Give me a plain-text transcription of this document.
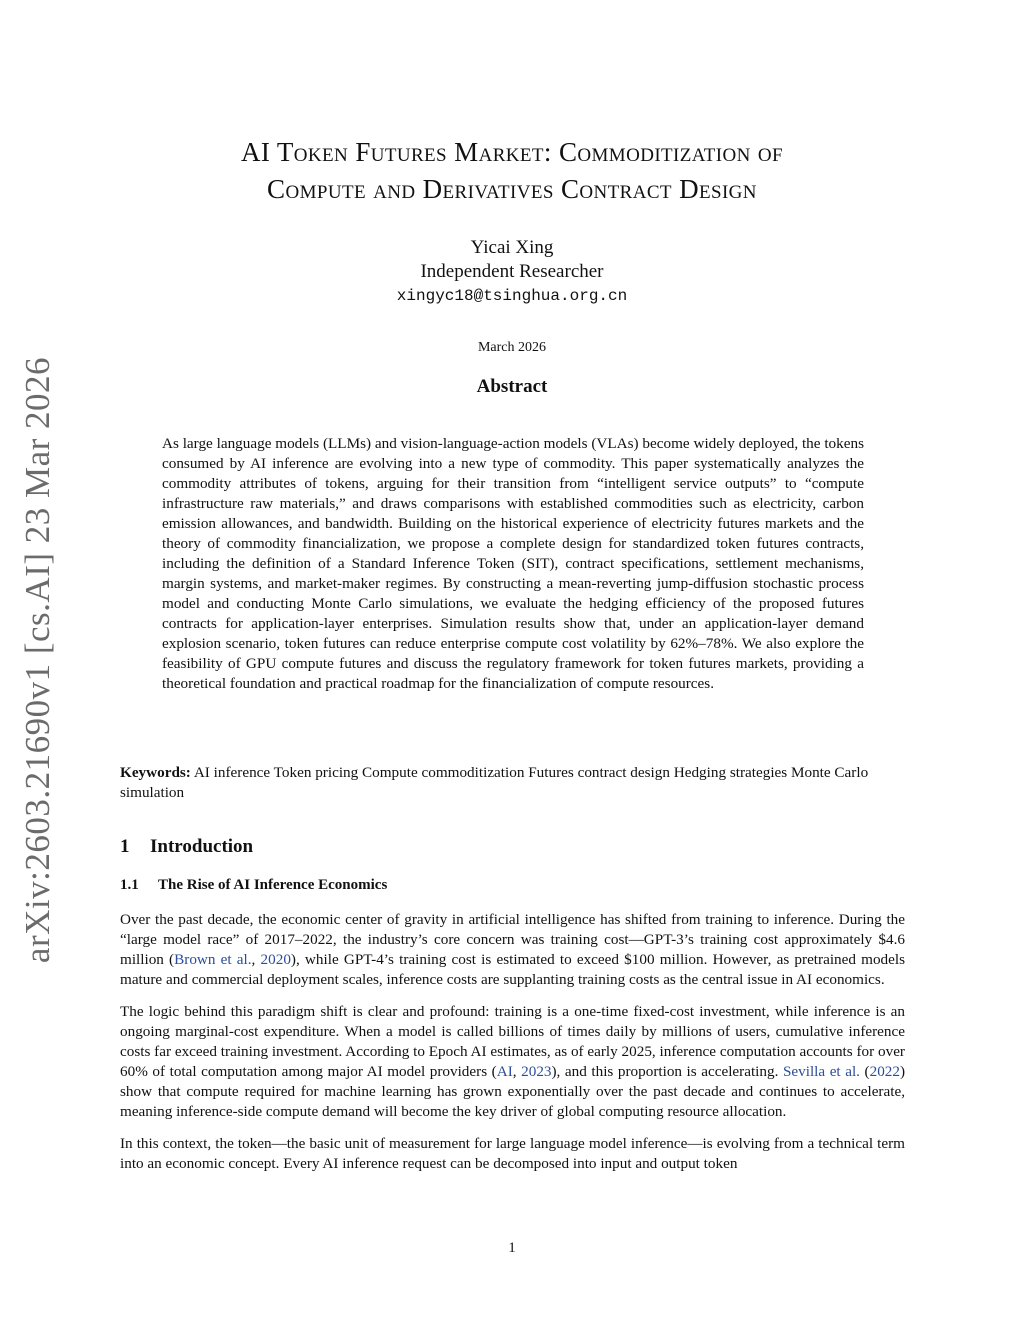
arXiv:2603.21690v1 [cs.AI] 23 Mar 2026
AI Token Futures Market: Commoditization of
Compute and Derivatives Contract Design
Yicai Xing
Independent Researcher
xingyc18@tsinghua.org.cn
March 2026
Abstract
As large language models (LLMs) and vision-language-action models (VLAs) become widely deployed, the tokens consumed by AI inference are evolving into a new type of commodity. This paper systematically analyzes the commodity attributes of tokens, arguing for their transition from “intelligent service outputs” to “compute infrastructure raw materials,” and draws comparisons with established commodities such as electricity, carbon emission allowances, and bandwidth. Building on the historical experience of electricity futures markets and the theory of commodity financialization, we propose a complete design for standardized token futures contracts, including the definition of a Standard Inference Token (SIT), contract specifications, settlement mechanisms, margin systems, and market-maker regimes. By constructing a mean-reverting jump-diffusion stochastic process model and conducting Monte Carlo simulations, we evaluate the hedging efficiency of the proposed futures contracts for application-layer enterprises. Simulation results show that, under an application-layer demand explosion scenario, token futures can reduce enterprise compute cost volatility by 62%–78%. We also explore the feasibility of GPU compute futures and discuss the regulatory framework for token futures markets, providing a theoretical foundation and practical roadmap for the financialization of compute resources.
Keywords: AI inference Token pricing Compute commoditization Futures contract design Hedging strategies Monte Carlo simulation
1 Introduction
1.1 The Rise of AI Inference Economics

Over the past decade, the economic center of gravity in artificial intelligence has shifted from training to inference. During the “large model race” of 2017–2022, the industry’s core concern was training cost—GPT-3’s training cost approximately $4.6 million (Brown et al., 2020), while GPT-4’s training cost is estimated to exceed $100 million. However, as pretrained models mature and commercial deployment scales, inference costs are supplanting training costs as the central issue in AI economics.

The logic behind this paradigm shift is clear and profound: training is a one-time fixed-cost investment, while inference is an ongoing marginal-cost expenditure. When a model is called billions of times daily by millions of users, cumulative inference costs far exceed training investment. According to Epoch AI estimates, as of early 2025, inference computation accounts for over 60% of total computation among major AI model providers (AI, 2023), and this proportion is accelerating. Sevilla et al. (2022) show that compute required for machine learning has grown exponentially over the past decade and continues to accelerate, meaning inference-side compute demand will become the key driver of global computing resource allocation.

In this context, the token—the basic unit of measurement for large language model inference—is evolving from a technical term into an economic concept. Every AI inference request can be decomposed into input and output token

1
